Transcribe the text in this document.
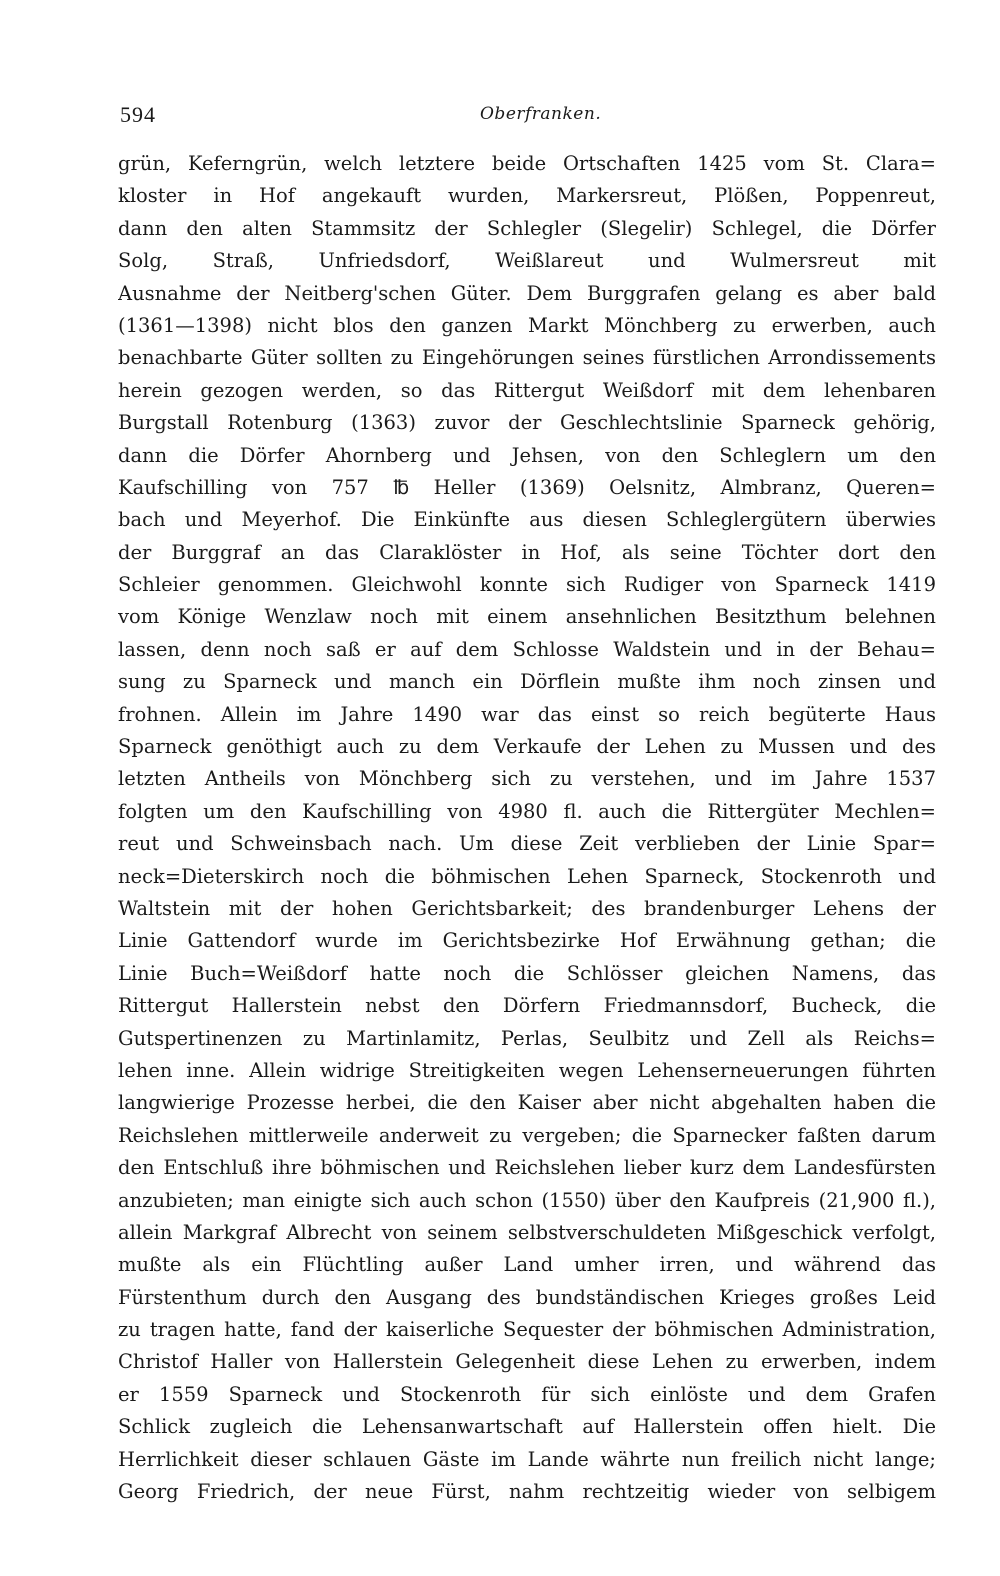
594	Oberfranken.
grün, Keferngrün, welch letztere beide Ortschaften 1425 vom St. Clara=
kloster in Hof angekauft wurden, Markersreut, Plößen, Poppenreut,
dann den alten Stammsitz der Schlegler (Slegelir) Schlegel, die Dörfer
Solg, Straß, Unfriedsdorf, Weißlareut und Wulmersreut mit
Ausnahme der Neitberg'schen Güter. Dem Burggrafen gelang es aber bald
(1361—1398) nicht blos den ganzen Markt Mönchberg zu erwerben, auch
benachbarte Güter sollten zu Eingehörungen seines fürstlichen Arrondissements
herein gezogen werden, so das Rittergut Weißdorf mit dem lehenbaren
Burgstall Rotenburg (1363) zuvor der Geschlechtslinie Sparneck gehörig,
dann die Dörfer Ahornberg und Jehsen, von den Schleglern um den
Kaufschilling von 757 ℔ Heller (1369) Oelsnitz, Almbranz, Queren=
bach und Meyerhof. Die Einkünfte aus diesen Schleglergütern überwies
der Burggraf an das Claraklöster in Hof, als seine Töchter dort den
Schleier genommen. Gleichwohl konnte sich Rudiger von Sparneck 1419
vom Könige Wenzlaw noch mit einem ansehnlichen Besitzthum belehnen
lassen, denn noch saß er auf dem Schlosse Waldstein und in der Behau=
sung zu Sparneck und manch ein Dörflein mußte ihm noch zinsen und
frohnen. Allein im Jahre 1490 war das einst so reich begüterte Haus
Sparneck genöthigt auch zu dem Verkaufe der Lehen zu Mussen und des
letzten Antheils von Mönchberg sich zu verstehen, und im Jahre 1537
folgten um den Kaufschilling von 4980 fl. auch die Rittergüter Mechlen=
reut und Schweinsbach nach. Um diese Zeit verblieben der Linie Spar=
neck=Dieterskirch noch die böhmischen Lehen Sparneck, Stockenroth und
Waltstein mit der hohen Gerichtsbarkeit; des brandenburger Lehens der
Linie Gattendorf wurde im Gerichtsbezirke Hof Erwähnung gethan; die
Linie Buch=Weißdorf hatte noch die Schlösser gleichen Namens, das
Rittergut Hallerstein nebst den Dörfern Friedmannsdorf, Bucheck, die
Gutspertinenzen zu Martinlamitz, Perlas, Seulbitz und Zell als Reichs=
lehen inne. Allein widrige Streitigkeiten wegen Lehenserneuerungen führten
langwierige Prozesse herbei, die den Kaiser aber nicht abgehalten haben die
Reichslehen mittlerweile anderweit zu vergeben; die Sparnecker faßten darum
den Entschluß ihre böhmischen und Reichslehen lieber kurz dem Landesfürsten
anzubieten; man einigte sich auch schon (1550) über den Kaufpreis (21,900 fl.),
allein Markgraf Albrecht von seinem selbstverschuldeten Mißgeschick verfolgt,
mußte als ein Flüchtling außer Land umher irren, und während das
Fürstenthum durch den Ausgang des bundständischen Krieges großes Leid
zu tragen hatte, fand der kaiserliche Sequester der böhmischen Administration,
Christof Haller von Hallerstein Gelegenheit diese Lehen zu erwerben, indem
er 1559 Sparneck und Stockenroth für sich einlöste und dem Grafen
Schlick zugleich die Lehensanwartschaft auf Hallerstein offen hielt. Die
Herrlichkeit dieser schlauen Gäste im Lande währte nun freilich nicht lange;
Georg Friedrich, der neue Fürst, nahm rechtzeitig wieder von selbigem
